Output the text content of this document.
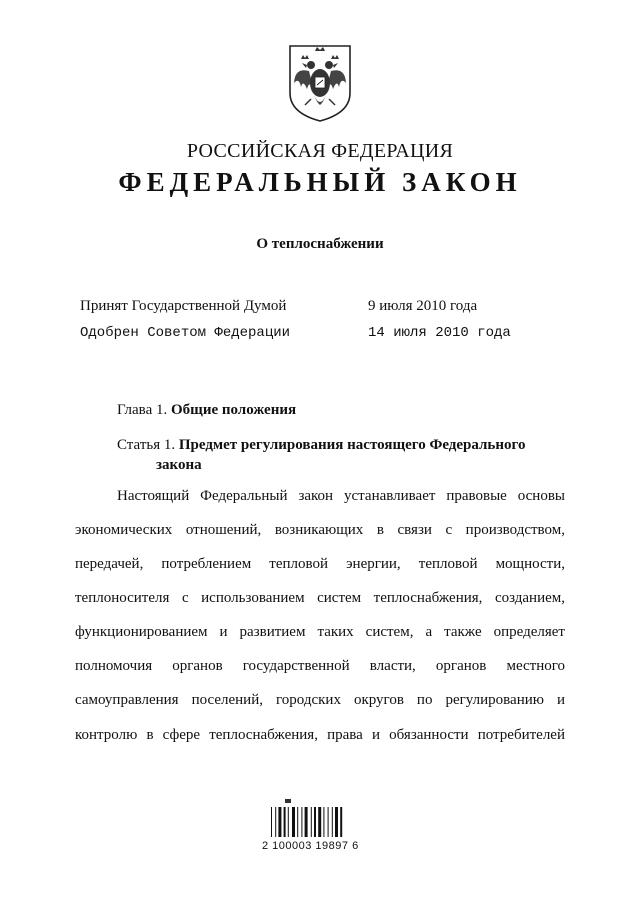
РОССИЙСКАЯ ФЕДЕРАЦИЯ
ФЕДЕРАЛЬНЫЙ ЗАКОН
О теплоснабжении
Принят Государственной Думой	9 июля 2010 года
Одобрен Советом Федерации	14 июля 2010 года
Глава 1. Общие положения
Статья 1. Предмет регулирования настоящего Федерального
закона
Настоящий Федеральный закон устанавливает правовые основы
экономических отношений, возникающих в связи с производством,
передачей, потреблением тепловой энергии, тепловой мощности,
теплоносителя с использованием систем теплоснабжения, созданием,
функционированием и развитием таких систем, а также определяет
полномочия органов государственной власти, органов местного
самоуправления поселений, городских округов по регулированию и
контролю в сфере теплоснабжения, права и обязанности потребителей
2 100003 19897 6
